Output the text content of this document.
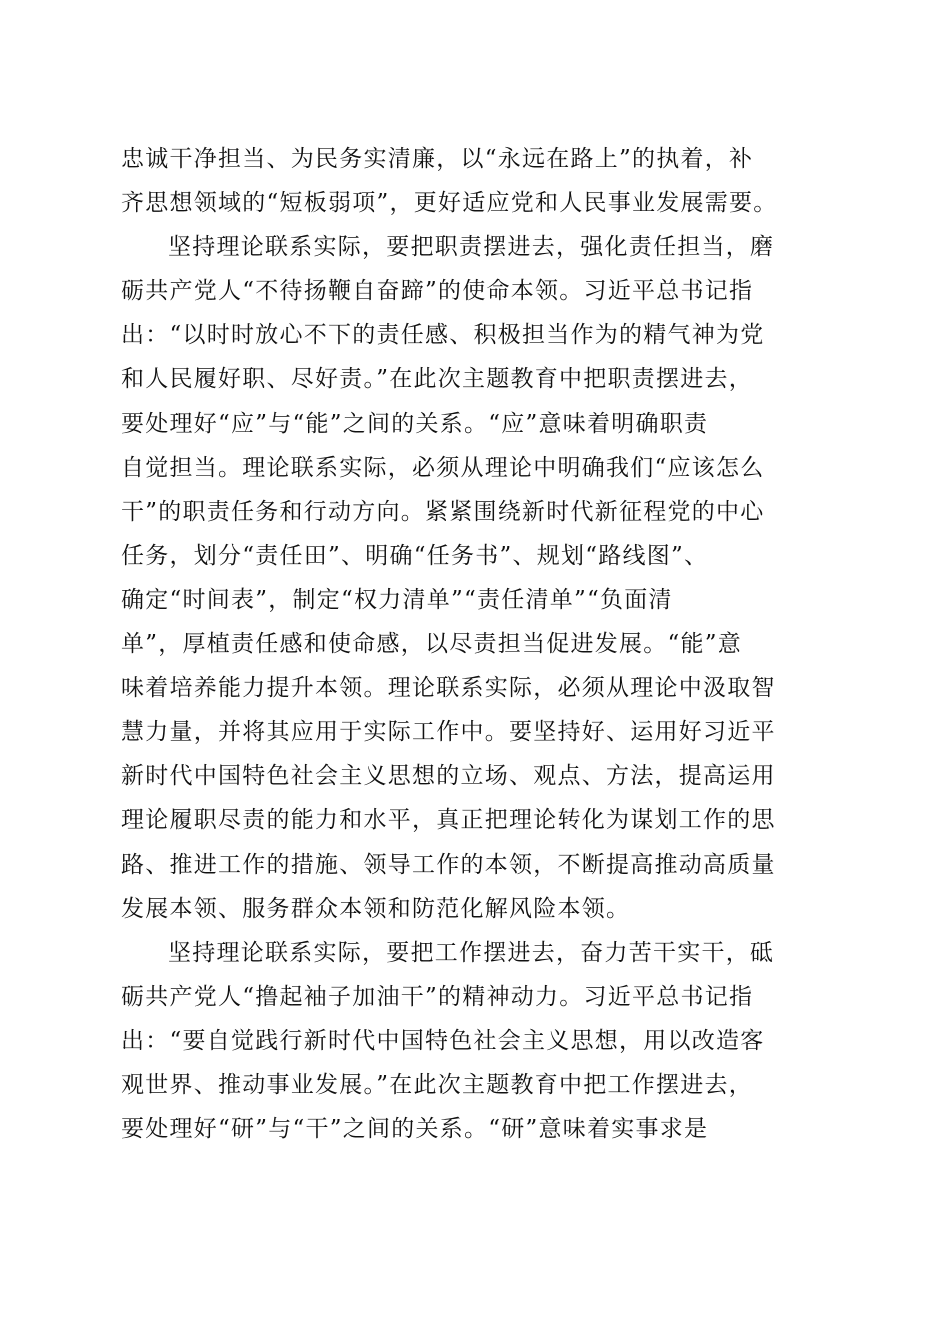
忠诚干净担当、为民务实清廉，以“永远在路上”的执着，补
齐思想领域的“短板弱项”，更好适应党和人民事业发展需要。

坚持理论联系实际，要把职责摆进去，强化责任担当，磨
砺共产党人“不待扬鞭自奋蹄”的使命本领。习近平总书记指
出：“以时时放心不下的责任感、积极担当作为的精气神为党
和人民履好职、尽好责。”在此次主题教育中把职责摆进去，
要处理好“应”与“能”之间的关系。“应”意味着明确职责
自觉担当。理论联系实际，必须从理论中明确我们“应该怎么
干”的职责任务和行动方向。紧紧围绕新时代新征程党的中心
任务，划分“责任田”、明确“任务书”、规划“路线图”、
确定“时间表”，制定“权力清单”“责任清单”“负面清
单”，厚植责任感和使命感，以尽责担当促进发展。“能”意
味着培养能力提升本领。理论联系实际，必须从理论中汲取智
慧力量，并将其应用于实际工作中。要坚持好、运用好习近平
新时代中国特色社会主义思想的立场、观点、方法，提高运用
理论履职尽责的能力和水平，真正把理论转化为谋划工作的思
路、推进工作的措施、领导工作的本领，不断提高推动高质量
发展本领、服务群众本领和防范化解风险本领。

坚持理论联系实际，要把工作摆进去，奋力苦干实干，砥
砺共产党人“撸起袖子加油干”的精神动力。习近平总书记指
出：“要自觉践行新时代中国特色社会主义思想，用以改造客
观世界、推动事业发展。”在此次主题教育中把工作摆进去，
要处理好“研”与“干”之间的关系。“研”意味着实事求是
